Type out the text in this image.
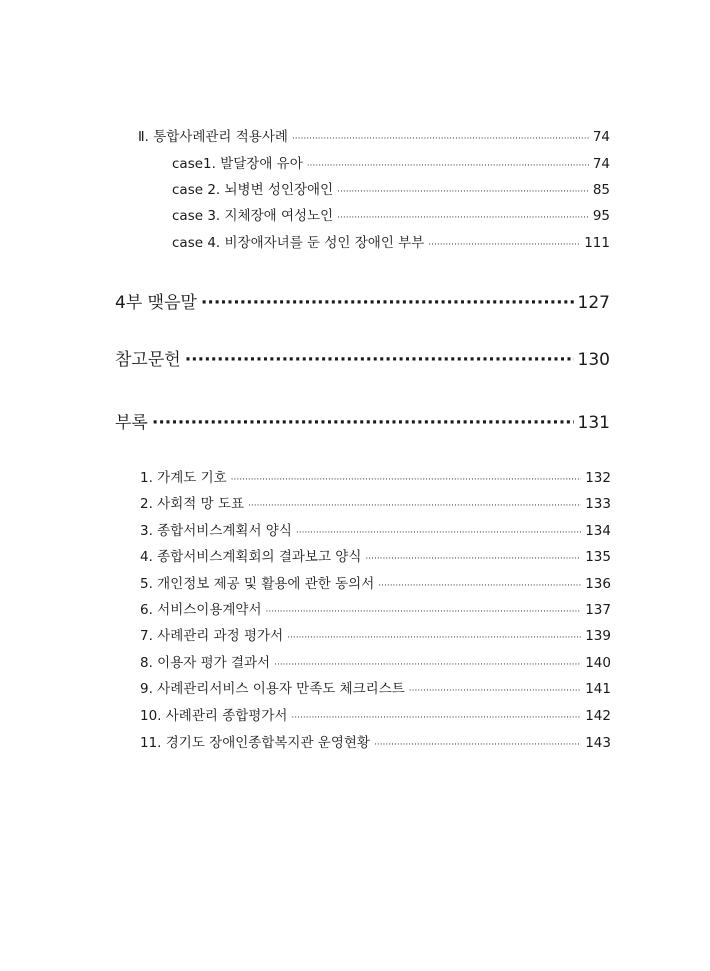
Ⅱ. 통합사례관리 적용사례 ·····	74
case1. 발달장애 유아 ·····	74
case 2. 뇌병변 성인장애인 ·····	85
case 3. 지체장애 여성노인 ·····	95
case 4. 비장애자녀를 둔 성인 장애인 부부 ·····	111
4부 맺음말 ·····	127
참고문헌 ·····	130
부록 ·····	131
1. 가계도 기호 ·····	132
2. 사회적 망 도표 ·····	133
3. 종합서비스계획서 양식 ·····	134
4. 종합서비스계획회의 결과보고 양식 ·····	135
5. 개인정보 제공 및 활용에 관한 동의서 ·····	136
6. 서비스이용계약서 ·····	137
7. 사례관리 과정 평가서 ·····	139
8. 이용자 평가 결과서 ·····	140
9. 사례관리서비스 이용자 만족도 체크리스트 ·····	141
10. 사례관리 종합평가서 ·····	142
11. 경기도 장애인종합복지관 운영현황 ·····	143
